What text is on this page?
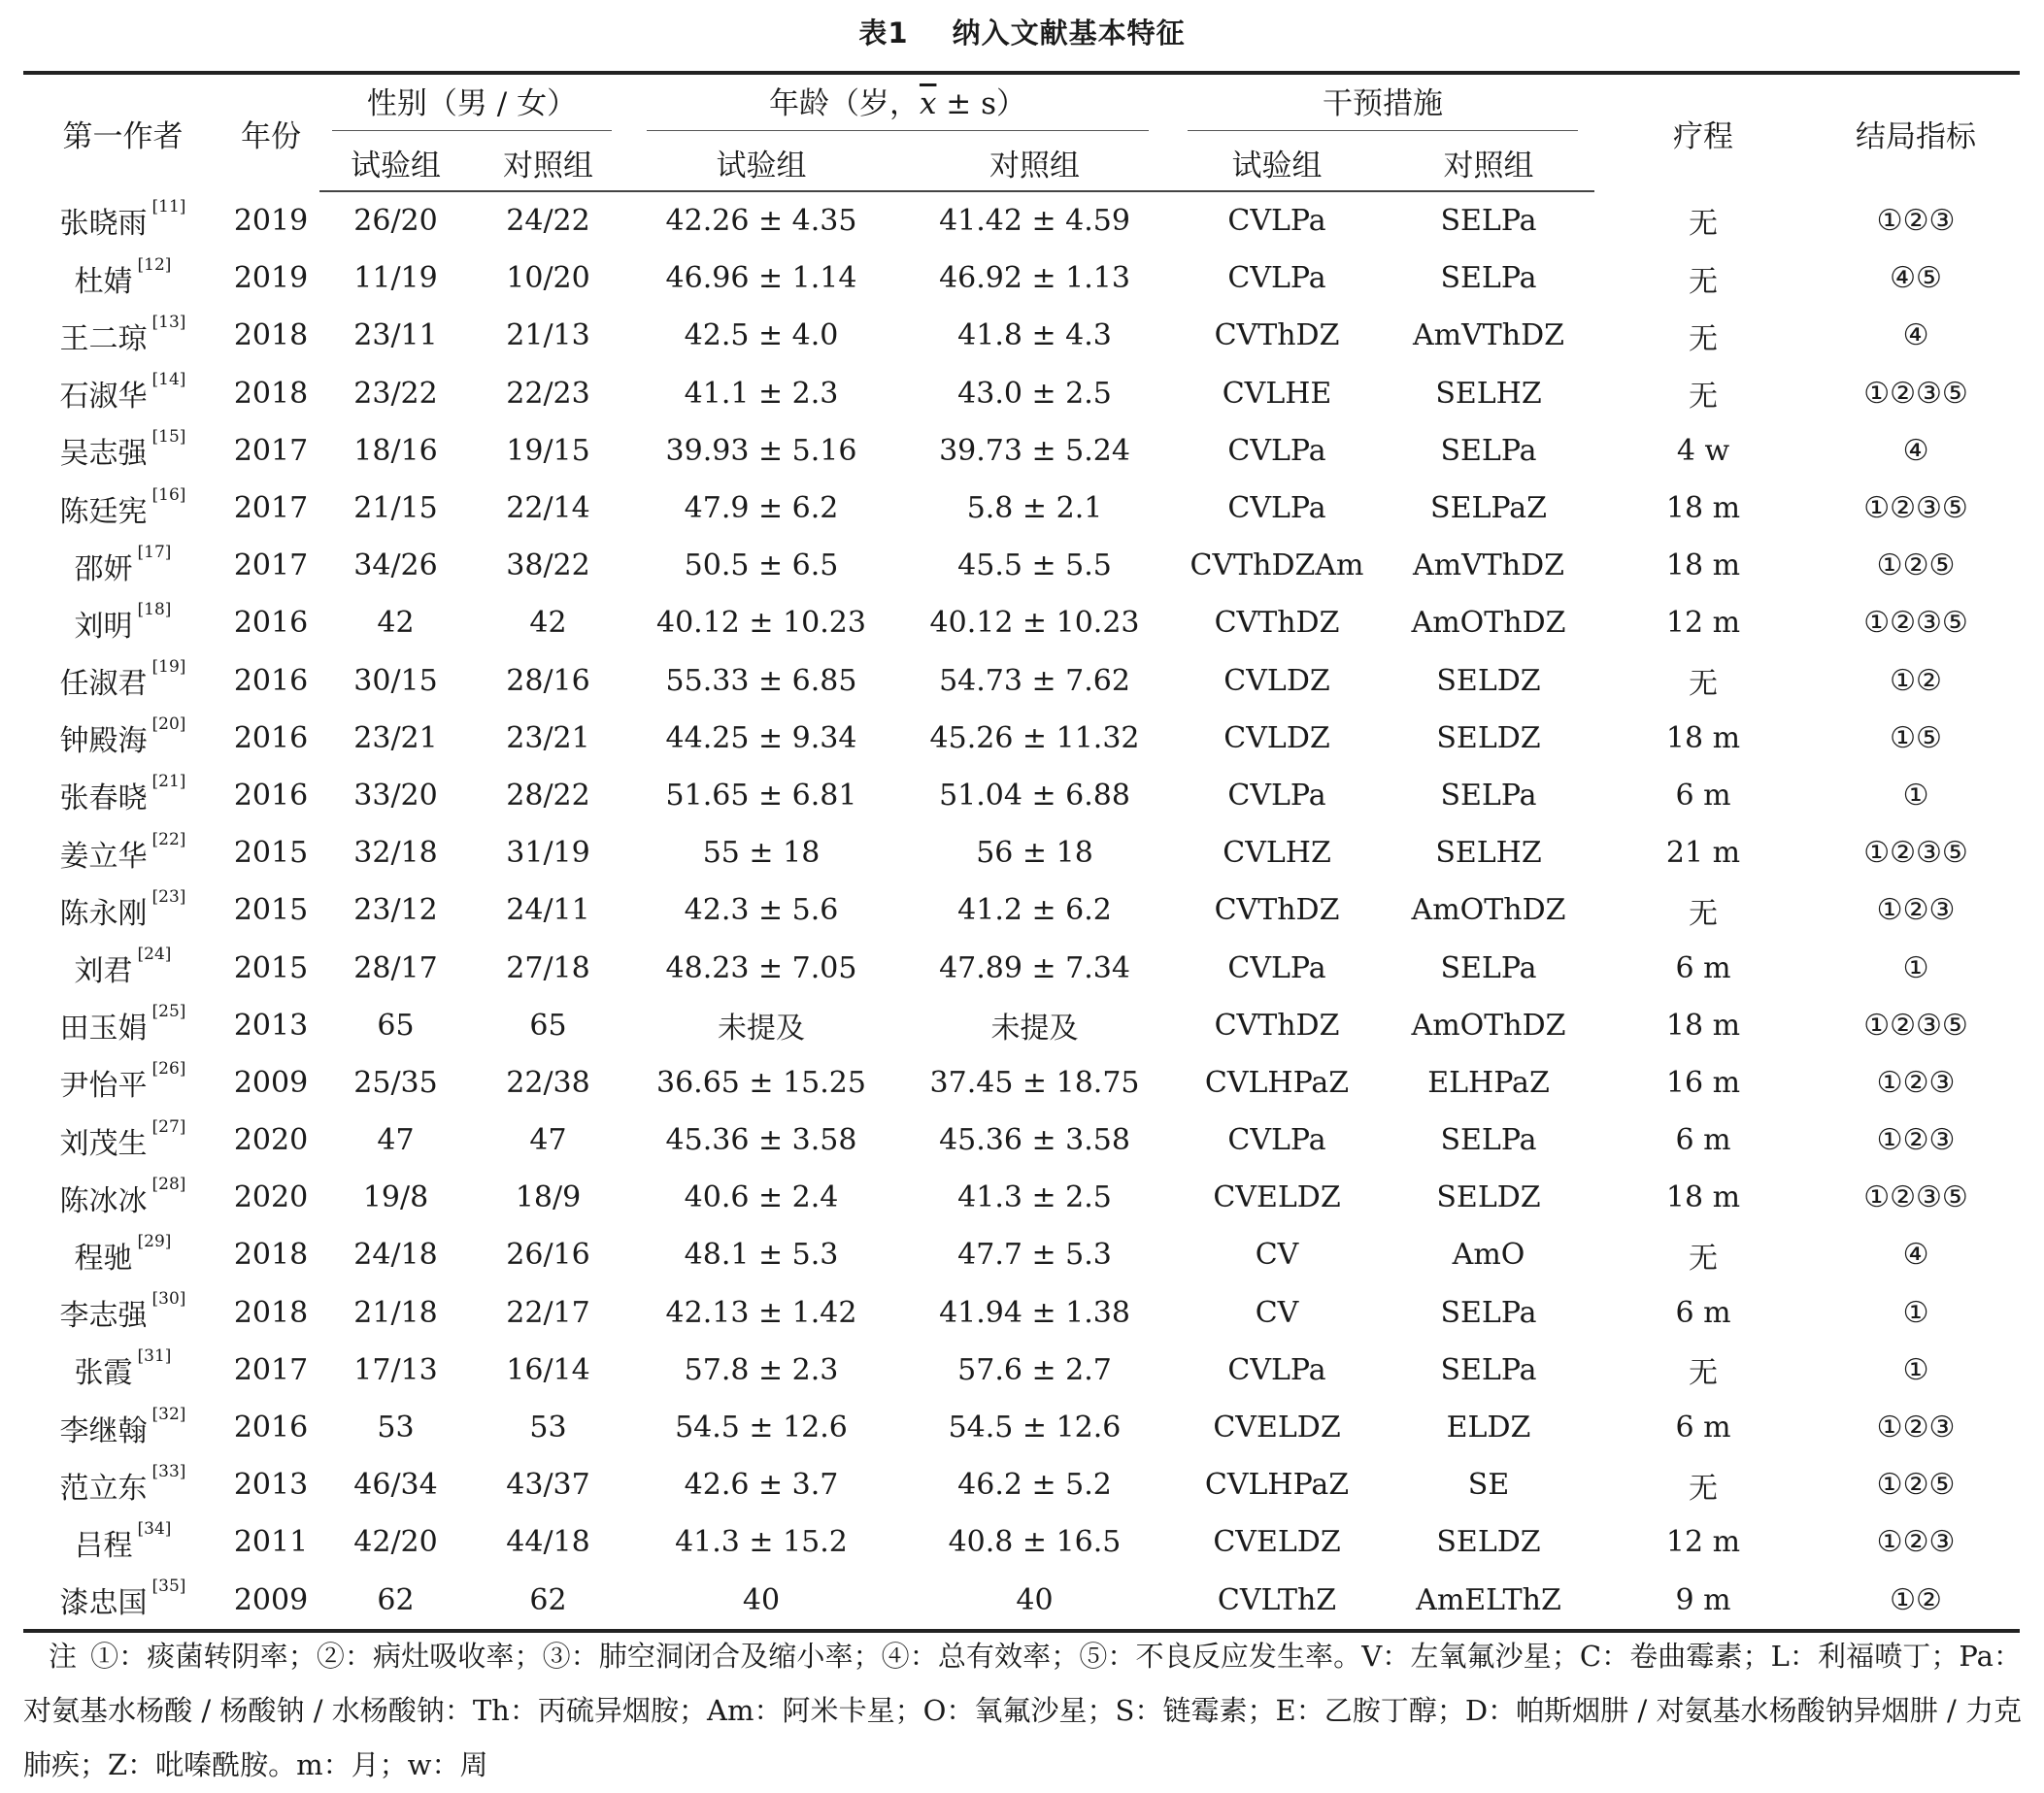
表1 纳入文献基本特征
第一作者	年份	性别（男 / 女）		年龄（岁，$\overline{x} \pm s$）		干预措施		疗程	结局指标
		试验组	对照组	试验组	对照组	试验组	对照组		
张晓雨 [11]	2019	26/20	24/22	42.26 ± 4.35	41.42 ± 4.59	CVLPa	SELPa	无	①②③
杜婧 [12]	2019	11/19	10/20	46.96 ± 1.14	46.92 ± 1.13	CVLPa	SELPa	无	④⑤
王二琼 [13]	2018	23/11	21/13	42.5 ± 4.0	41.8 ± 4.3	CVThDZ	AmVThDZ	无	④
石淑华 [14]	2018	23/22	22/23	41.1 ± 2.3	43.0 ± 2.5	CVLHE	SELHZ	无	①②③⑤
吴志强 [15]	2017	18/16	19/15	39.93 ± 5.16	39.73 ± 5.24	CVLPa	SELPa	4 w	④
陈廷宪 [16]	2017	21/15	22/14	47.9 ± 6.2	5.8 ± 2.1	CVLPa	SELPaZ	18 m	①②③⑤
邵妍 [17]	2017	34/26	38/22	50.5 ± 6.5	45.5 ± 5.5	CVThDZAm	AmVThDZ	18 m	①②⑤
刘明 [18]	2016	42	42	40.12 ± 10.23	40.12 ± 10.23	CVThDZ	AmOThDZ	12 m	①②③⑤
任淑君 [19]	2016	30/15	28/16	55.33 ± 6.85	54.73 ± 7.62	CVLDZ	SELDZ	无	①②
钟殿海 [20]	2016	23/21	23/21	44.25 ± 9.34	45.26 ± 11.32	CVLDZ	SELDZ	18 m	①⑤
张春晓 [21]	2016	33/20	28/22	51.65 ± 6.81	51.04 ± 6.88	CVLPa	SELPa	6 m	①
姜立华 [22]	2015	32/18	31/19	55 ± 18	56 ± 18	CVLHZ	SELHZ	21 m	①②③⑤
陈永刚 [23]	2015	23/12	24/11	42.3 ± 5.6	41.2 ± 6.2	CVThDZ	AmOThDZ	无	①②③
刘君 [24]	2015	28/17	27/18	48.23 ± 7.05	47.89 ± 7.34	CVLPa	SELPa	6 m	①
田玉娟 [25]	2013	65	65	未提及	未提及	CVThDZ	AmOThDZ	18 m	①②③⑤
尹怡平 [26]	2009	25/35	22/38	36.65 ± 15.25	37.45 ± 18.75	CVLHPaZ	ELHPaZ	16 m	①②③
刘茂生 [27]	2020	47	47	45.36 ± 3.58	45.36 ± 3.58	CVLPa	SELPa	6 m	①②③
陈冰冰 [28]	2020	19/8	18/9	40.6 ± 2.4	41.3 ± 2.5	CVELDZ	SELDZ	18 m	①②③⑤
程驰 [29]	2018	24/18	26/16	48.1 ± 5.3	47.7 ± 5.3	CV	AmO	无	④
李志强 [30]	2018	21/18	22/17	42.13 ± 1.42	41.94 ± 1.38	CV	SELPa	6 m	①
张霞 [31]	2017	17/13	16/14	57.8 ± 2.3	57.6 ± 2.7	CVLPa	SELPa	无	①
李继翰 [32]	2016	53	53	54.5 ± 12.6	54.5 ± 12.6	CVELDZ	ELDZ	6 m	①②③
范立东 [33]	2013	46/34	43/37	42.6 ± 3.7	46.2 ± 5.2	CVLHPaZ	SE	无	①②⑤
吕程 [34]	2011	42/20	44/18	41.3 ± 15.2	40.8 ± 16.5	CVELDZ	SELDZ	12 m	①②③
漆忠国 [35]	2009	62	62	40	40	CVLThZ	AmELThZ	9 m	①②
注 ①：痰菌转阴率；②：病灶吸收率；③：肺空洞闭合及缩小率；④：总有效率；⑤：不良反应发生率。V：左氧氟沙星；C：卷曲霉素；L：利福喷丁；Pa：对氨基水杨酸 / 杨酸钠 / 水杨酸钠：Th：丙硫异烟胺；Am：阿米卡星；O：氧氟沙星；S：链霉素；E：乙胺丁醇；D：帕斯烟肼 / 对氨基水杨酸钠异烟肼 / 力克肺疾；Z：吡嗪酰胺。m：月；w：周
